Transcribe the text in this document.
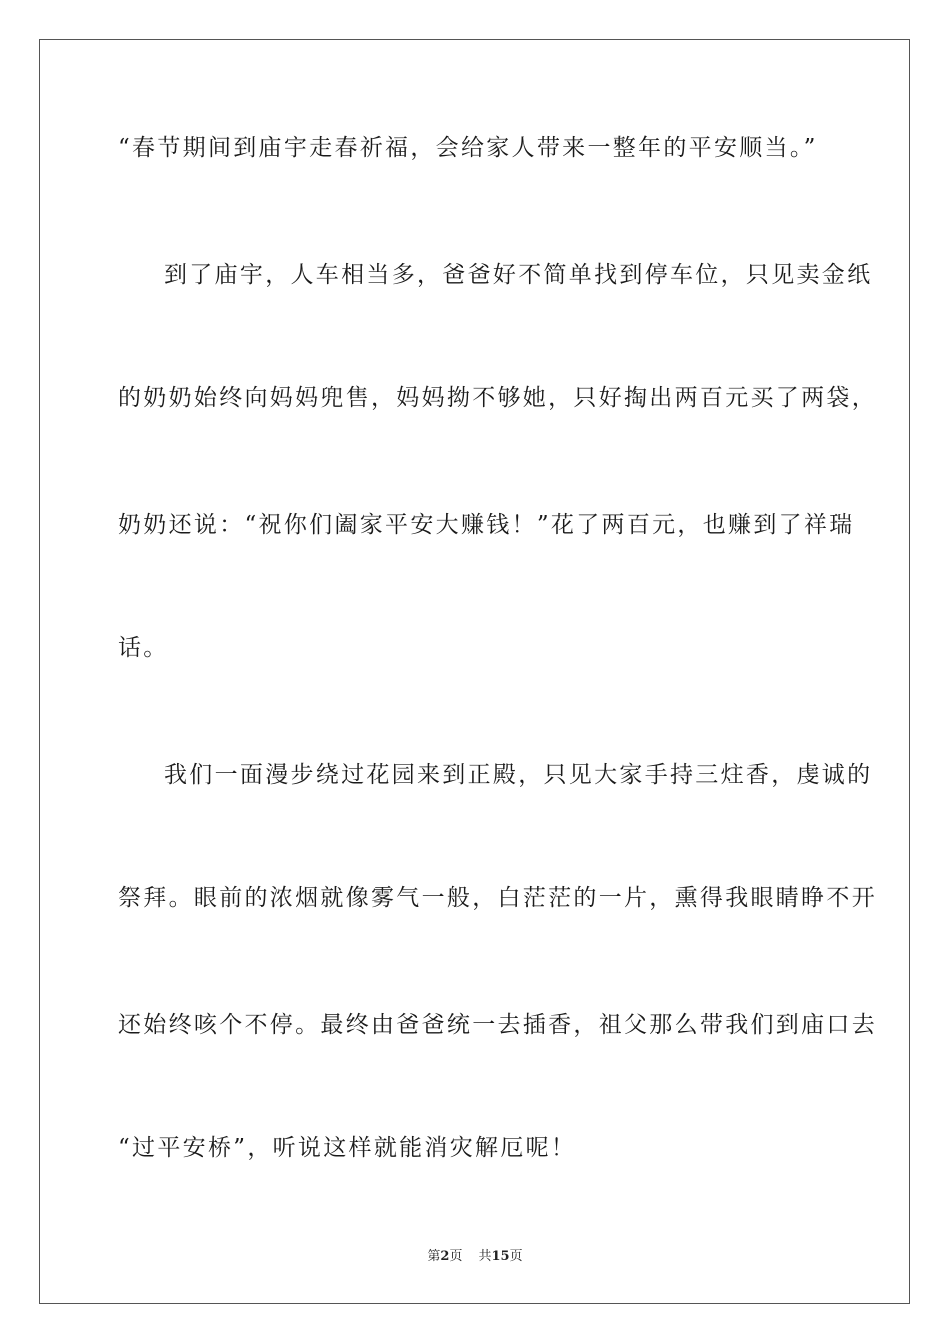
“春节期间到庙宇走春祈福，会给家人带来一整年的平安顺当。”
到了庙宇，人车相当多，爸爸好不简单找到停车位，只见卖金纸
的奶奶始终向妈妈兜售，妈妈拗不够她，只好掏出两百元买了两袋，
奶奶还说：“祝你们阖家平安大赚钱！”花了两百元，也赚到了祥瑞
话。
我们一面漫步绕过花园来到正殿，只见大家手持三炷香，虔诚的
祭拜。眼前的浓烟就像雾气一般，白茫茫的一片，熏得我眼睛睁不开
还始终咳个不停。最终由爸爸统一去插香，祖父那么带我们到庙口去
“过平安桥”，听说这样就能消灾解厄呢！
第2页 共15页
